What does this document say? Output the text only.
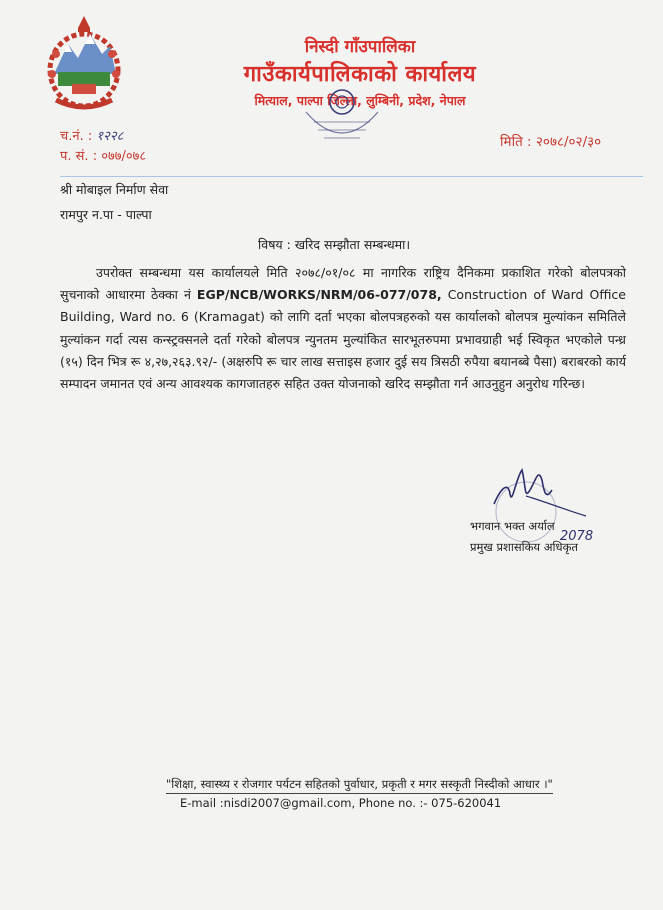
निस्दी गाँउपालिका
गाउँकार्यपालिकाको कार्यालय
मित्याल, पाल्पा जिल्ला, लुम्बिनी, प्रदेश, नेपाल
च.नं. : १२२८
प. सं. : ०७७/०७८
मिति : २०७८/०२/३०
श्री मोबाइल निर्माण सेवा
रामपुर न.पा - पाल्पा
विषय : खरिद सम्झौता सम्बन्धमा।

उपरोक्त सम्बन्धमा यस कार्यालयले मिति २०७८/०१/०८ मा नागरिक राष्ट्रिय दैनिकमा प्रकाशित गरेको बोलपत्रको सुचनाको आधारमा ठेक्का नं EGP/NCB/WORKS/NRM/06-077/078, Construction of Ward Office Building, Ward no. 6 (Kramagat) को लागि दर्ता भएका बोलपत्रहरुको यस कार्यालको बोलपत्र मुल्यांकन समितिले मुल्यांकन गर्दा त्यस कन्स्ट्रक्सनले दर्ता गरेको बोलपत्र न्युनतम मुल्यांकित सारभूतरुपमा प्रभावग्राही भई स्विकृत भएकोले पन्ध्र (१५) दिन भित्र रू ४,२७,२६३.९२/- (अक्षरुपि रू चार लाख सत्ताइस हजार दुई सय त्रिसठी रुपैया बयानब्बे पैसा) बराबरको कार्य सम्पादन जमानत एवं अन्य आवश्यक कागजातहरु सहित उक्त योजनाको खरिद सम्झौता गर्न आउनुहुन अनुरोध गरिन्छ।

2078
भगवान भक्त अर्याल
प्रमुख प्रशासकिय अधिकृत
"शिक्षा, स्वास्थ्य र रोजगार पर्यटन सहितको पुर्वाधार, प्रकृती र मगर सस्कृती निस्दीको आधार ।"
E-mail :nisdi2007@gmail.com, Phone no. :- 075-620041
